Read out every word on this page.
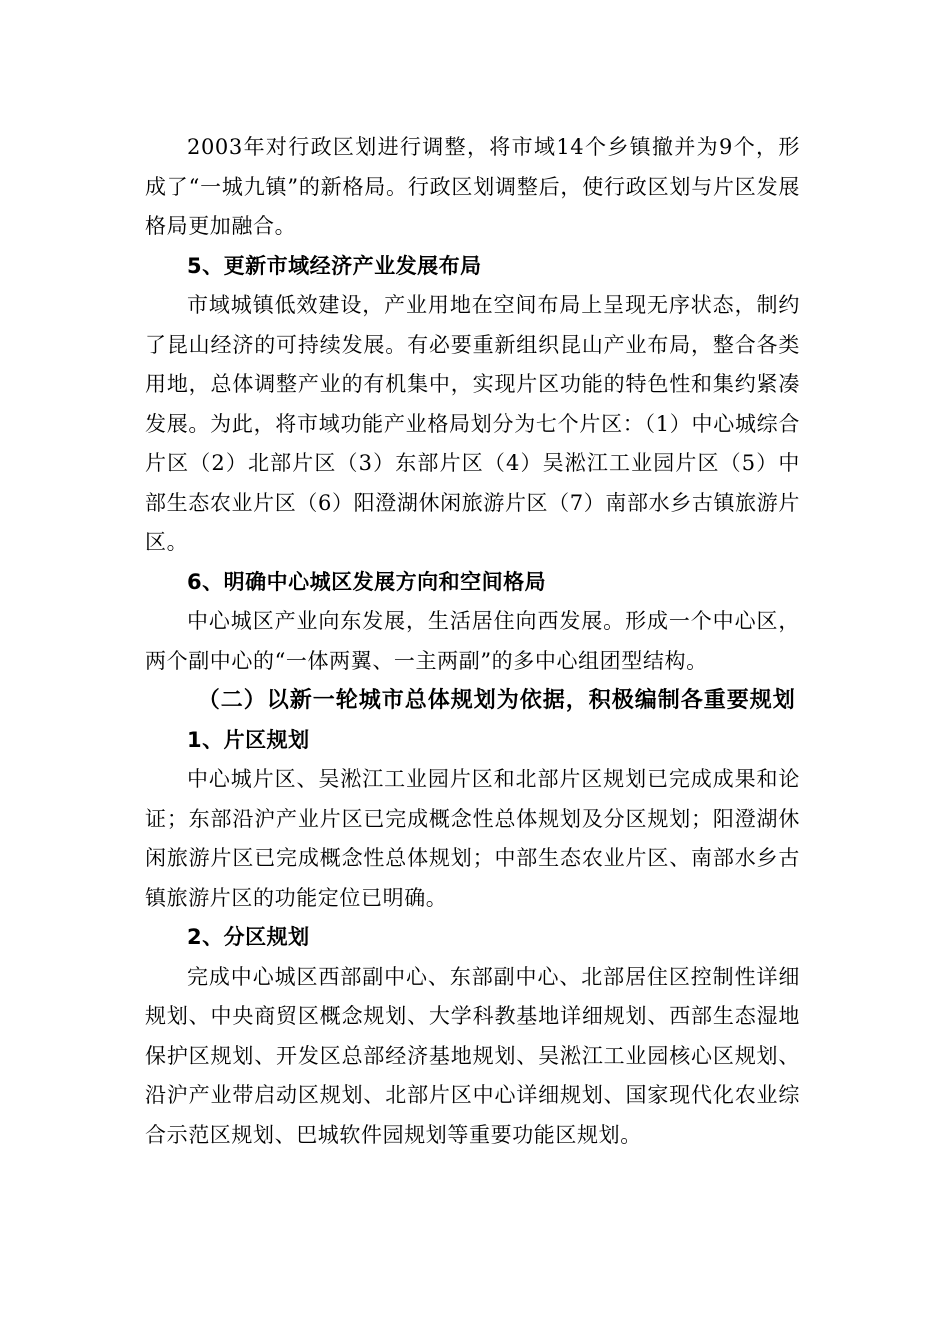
2003年对行政区划进行调整，将市域14个乡镇撤并为9个，形成了“一城九镇”的新格局。行政区划调整后，使行政区划与片区发展格局更加融合。

5、更新市域经济产业发展布局

市域城镇低效建设，产业用地在空间布局上呈现无序状态，制约了昆山经济的可持续发展。有必要重新组织昆山产业布局，整合各类用地，总体调整产业的有机集中，实现片区功能的特色性和集约紧凑发展。为此，将市域功能产业格局划分为七个片区：（1）中心城综合片区（2）北部片区（3）东部片区（4）吴淞江工业园片区（5）中部生态农业片区（6）阳澄湖休闲旅游片区（7）南部水乡古镇旅游片区。

6、明确中心城区发展方向和空间格局

中心城区产业向东发展，生活居住向西发展。形成一个中心区，两个副中心的“一体两翼、一主两副”的多中心组团型结构。

（二）以新一轮城市总体规划为依据，积极编制各重要规划

1、片区规划

中心城片区、吴淞江工业园片区和北部片区规划已完成成果和论证；东部沿沪产业片区已完成概念性总体规划及分区规划；阳澄湖休闲旅游片区已完成概念性总体规划；中部生态农业片区、南部水乡古镇旅游片区的功能定位已明确。

2、分区规划

完成中心城区西部副中心、东部副中心、北部居住区控制性详细规划、中央商贸区概念规划、大学科教基地详细规划、西部生态湿地保护区规划、开发区总部经济基地规划、吴淞江工业园核心区规划、沿沪产业带启动区规划、北部片区中心详细规划、国家现代化农业综合示范区规划、巴城软件园规划等重要功能区规划。
